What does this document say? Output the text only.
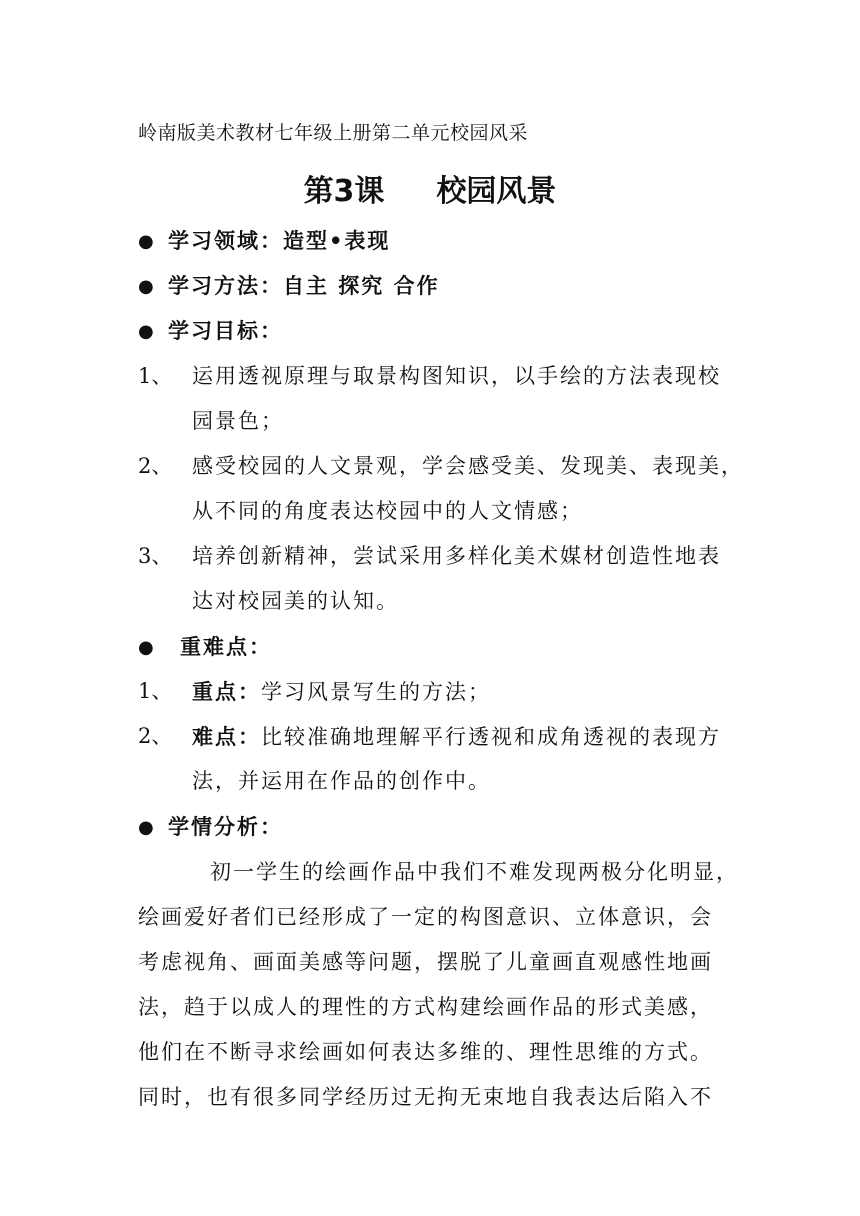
岭南版美术教材七年级上册第二单元校园风采
第3课 校园风景
● 学习领域：造型•表现
● 学习方法：自主 探究 合作
● 学习目标：
1、 运用透视原理与取景构图知识，以手绘的方法表现校
园景色；
2、 感受校园的人文景观，学会感受美、发现美、表现美，
从不同的角度表达校园中的人文情感；
3、 培养创新精神，尝试采用多样化美术媒材创造性地表
达对校园美的认知。
● 重难点：
1、 重点：学习风景写生的方法；
2、 难点：比较准确地理解平行透视和成角透视的表现方
法，并运用在作品的创作中。
● 学情分析：
初一学生的绘画作品中我们不难发现两极分化明显，
绘画爱好者们已经形成了一定的构图意识、立体意识，会
考虑视角、画面美感等问题，摆脱了儿童画直观感性地画
法，趋于以成人的理性的方式构建绘画作品的形式美感，
他们在不断寻求绘画如何表达多维的、理性思维的方式。
同时，也有很多同学经历过无拘无束地自我表达后陷入不
